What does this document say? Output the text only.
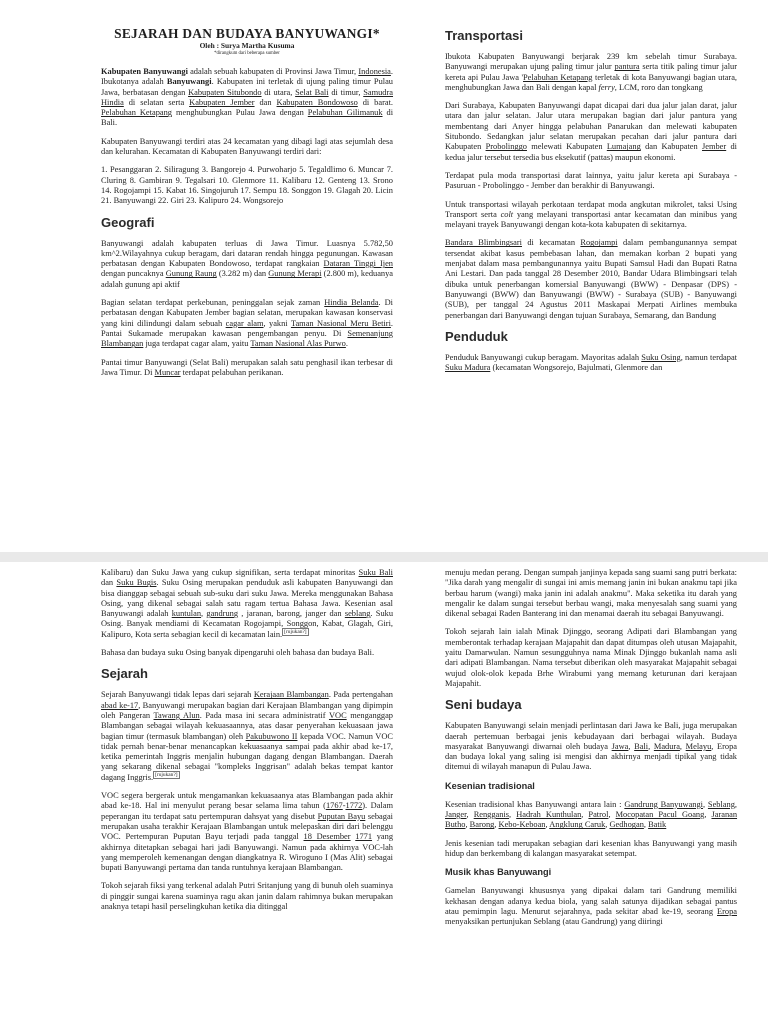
SEJARAH DAN BUDAYA BANYUWANGI*
Oleh : Surya Martha Kusuma
*dirangkum dari beberapa sumber

Kabupaten Banyuwangi adalah sebuah kabupaten di Provinsi Jawa Timur, Indonesia. Ibukotanya adalah Banyuwangi. Kabupaten ini terletak di ujung paling timur Pulau Jawa, berbatasan dengan Kabupaten Situbondo di utara, Selat Bali di timur, Samudra Hindia di selatan serta Kabupaten Jember dan Kabupaten Bondowoso di barat. Pelabuhan Ketapang menghubungkan Pulau Jawa dengan Pelabuhan Gilimanuk di Bali.

Kabupaten Banyuwangi terdiri atas 24 kecamatan yang dibagi lagi atas sejumlah desa dan kelurahan. Kecamatan di Kabupaten Banyuwangi terdiri dari:

1. Pesanggaran 2. Siliragung 3. Bangorejo 4. Purwoharjo 5. Tegaldlimo 6. Muncar 7. Cluring 8. Gambiran 9. Tegalsari 10. Glenmore 11. Kalibaru 12. Genteng 13. Srono 14. Rogojampi 15. Kabat 16. Singojuruh 17. Sempu 18. Songgon 19. Glagah 20. Licin 21. Banyuwangi 22. Giri 23. Kalipuro 24. Wongsorejo

Geografi

Banyuwangi adalah kabupaten terluas di Jawa Timur. Luasnya 5.782,50 km^2.Wilayahnya cukup beragam, dari dataran rendah hingga pegunungan. Kawasan perbatasan dengan Kabupaten Bondowoso, terdapat rangkaian Dataran Tinggi Ijen dengan puncaknya Gunung Raung (3.282 m) dan Gunung Merapi (2.800 m), keduanya adalah gunung api aktif

Bagian selatan terdapat perkebunan, peninggalan sejak zaman Hindia Belanda. Di perbatasan dengan Kabupaten Jember bagian selatan, merupakan kawasan konservasi yang kini dilindungi dalam sebuah cagar alam, yakni Taman Nasional Meru Betiri. Pantai Sukamade merupakan kawasan pengembangan penyu. Di Semenanjung Blambangan juga terdapat cagar alam, yaitu Taman Nasional Alas Purwo.

Pantai timur Banyuwangi (Selat Bali) merupakan salah satu penghasil ikan terbesar di Jawa Timur. Di Muncar terdapat pelabuhan perikanan.

Transportasi

Ibukota Kabupaten Banyuwangi berjarak 239 km sebelah timur Surabaya. Banyuwangi merupakan ujung paling timur jalur pantura serta titik paling timur jalur kereta api Pulau Jawa 'Pelabuhan Ketapang terletak di kota Banyuwangi bagian utara, menghubungkan Jawa dan Bali dengan kapal ferry, LCM, roro dan tongkang

Dari Surabaya, Kabupaten Banyuwangi dapat dicapai dari dua jalur jalan darat, jalur utara dan jalur selatan. Jalur utara merupakan bagian dari jalur pantura yang membentang dari Anyer hingga pelabuhan Panarukan dan melewati kabupaten Situbondo. Sedangkan jalur selatan merupakan pecahan dari jalur pantura dari Kabupaten Probolinggo melewati Kabupaten Lumajang dan Kabupaten Jember di kedua jalur tersebut tersedia bus eksekutif (pattas) maupun ekonomi.

Terdapat pula moda transportasi darat lainnya, yaitu jalur kereta api Surabaya - Pasuruan - Probolinggo - Jember dan berakhir di Banyuwangi.

Untuk transportasi wilayah perkotaan terdapat moda angkutan mikrolet, taksi Using Transport serta colt yang melayani transportasi antar kecamatan dan minibus yang melayani trayek Banyuwangi dengan kota-kota kabupaten di sekitarnya.

Bandara Blimbingsari di kecamatan Rogojampi dalam pembangunannya sempat tersendat akibat kasus pembebasan lahan, dan memakan korban 2 bupati yang menjabat dalam masa pembangunannya yaitu Bupati Samsul Hadi dan Bupati Ratna Ani Lestari. Dan pada tanggal 28 Desember 2010, Bandar Udara Blimbingsari telah dibuka untuk penerbangan komersial Banyuwangi (BWW) - Denpasar (DPS) - Banyuwangi (BWW) dan Banyuwangi (BWW) - Surabaya (SUB) - Banyuwangi (SUB), per tanggal 24 Agustus 2011 Maskapai Merpati Airlines membuka penerbangan dari Banyuwangi dengan tujuan Surabaya, Semarang, dan Bandung

Penduduk

Penduduk Banyuwangi cukup beragam. Mayoritas adalah Suku Osing, namun terdapat Suku Madura (kecamatan Wongsorejo, Bajulmati, Glenmore dan

Kalibaru) dan Suku Jawa yang cukup signifikan, serta terdapat minoritas Suku Bali dan Suku Bugis. Suku Osing merupakan penduduk asli kabupaten Banyuwangi dan bisa dianggap sebagai sebuah sub-suku dari suku Jawa. Mereka menggunakan Bahasa Osing, yang dikenal sebagai salah satu ragam tertua Bahasa Jawa. Kesenian asal Banyuwangi adalah kuntulan, gandrung , jaranan, barong, janger dan seblang. Suku Osing. Banyak mendiami di Kecamatan Rogojampi, Songgon, Kabat, Glagah, Giri, Kalipuro, Kota serta sebagian kecil di kecamatan lain. [rujukan?]

Bahasa dan budaya suku Osing banyak dipengaruhi oleh bahasa dan budaya Bali.

Sejarah

Sejarah Banyuwangi tidak lepas dari sejarah Kerajaan Blambangan. Pada pertengahan abad ke-17, Banyuwangi merupakan bagian dari Kerajaan Blambangan yang dipimpin oleh Pangeran Tawang Alun. Pada masa ini secara administratif VOC menganggap Blambangan sebagai wilayah kekuasaannya, atas dasar penyerahan kekuasaan jawa bagian timur (termasuk blambangan) oleh Pakubuwono II kepada VOC. Namun VOC tidak pernah benar-benar menancapkan kekuasaanya sampai pada akhir abad ke-17, ketika pemerintah Inggris menjalin hubungan dagang dengan Blambangan. Daerah yang sekarang dikenal sebagai "kompleks Inggrisan" adalah bekas tempat kantor dagang Inggris. [rujukan?]

VOC segera bergerak untuk mengamankan kekuasaanya atas Blambangan pada akhir abad ke-18. Hal ini menyulut perang besar selama lima tahun (1767-1772). Dalam peperangan itu terdapat satu pertempuran dahsyat yang disebut Puputan Bayu sebagai merupakan usaha terakhir Kerajaan Blambangan untuk melepaskan diri dari belenggu VOC. Pertempuran Puputan Bayu terjadi pada tanggal 18 Desember 1771 yang akhirnya ditetapkan sebagai hari jadi Banyuwangi. Namun pada akhirnya VOC-lah yang memperoleh kemenangan dengan diangkatnya R. Wiroguno I (Mas Alit) sebagai bupati Banyuwangi pertama dan tanda runtuhnya kerajaan Blambangan.

Tokoh sejarah fiksi yang terkenal adalah Putri Sritanjung yang di bunuh oleh suaminya di pinggir sungai karena suaminya ragu akan janin dalam rahimnya bukan merupakan anaknya tetapi hasil perselingkuhan ketika dia ditinggal

menuju medan perang. Dengan sumpah janjinya kepada sang suami sang putri berkata: "Jika darah yang mengalir di sungai ini amis memang janin ini bukan anakmu tapi jika berbau harum (wangi) maka janin ini adalah anakmu". Maka seketika itu darah yang mengalir ke dalam sungai tersebut berbau wangi, maka menyesalah sang suami yang dikenal sebagai Raden Banterang ini dan menamai daerah itu sebagai Banyuwangi.

Tokoh sejarah lain ialah Minak Djinggo, seorang Adipati dari Blambangan yang memberontak terhadap kerajaan Majapahit dan dapat ditumpas oleh utusan Majapahit, yaitu Damarwulan. Namun sesungguhnya nama Minak Djinggo bukanlah nama asli dari adipati Blambangan. Nama tersebut diberikan oleh masyarakat Majapahit sebagai wujud olok-olok kepada Brhe Wirabumi yang memang keturunan dari kerajaan Majapahit.

Seni budaya

Kabupaten Banyuwangi selain menjadi perlintasan dari Jawa ke Bali, juga merupakan daerah pertemuan berbagai jenis kebudayaan dari berbagai wilayah. Budaya masyarakat Banyuwangi diwarnai oleh budaya Jawa, Bali, Madura, Melayu, Eropa dan budaya lokal yang saling isi mengisi dan akhirnya menjadi tipikal yang tidak ditemui di wilayah manapun di Pulau Jawa.

Kesenian tradisional

Kesenian tradisional khas Banyuwangi antara lain : Gandrung Banyuwangi, Seblang, Janger, Rengganis, Hadrah Kunthulan, Patrol, Mocopatan Pacul Goang, Jaranan Butho, Barong, Kebo-Keboan, Angklung Caruk, Gedhogan, Batik

Jenis kesenian tadi merupakan sebagian dari kesenian khas Banyuwangi yang masih hidup dan berkembang di kalangan masyarakat setempat.

Musik khas Banyuwangi

Gamelan Banyuwangi khususnya yang dipakai dalam tari Gandrung memiliki kekhasan dengan adanya kedua biola, yang salah satunya dijadikan sebagai pantus atau pemimpin lagu. Menurut sejarahnya, pada sekitar abad ke-19, seorang Eropa menyaksikan pertunjukan Seblang (atau Gandrung) yang diiringi
